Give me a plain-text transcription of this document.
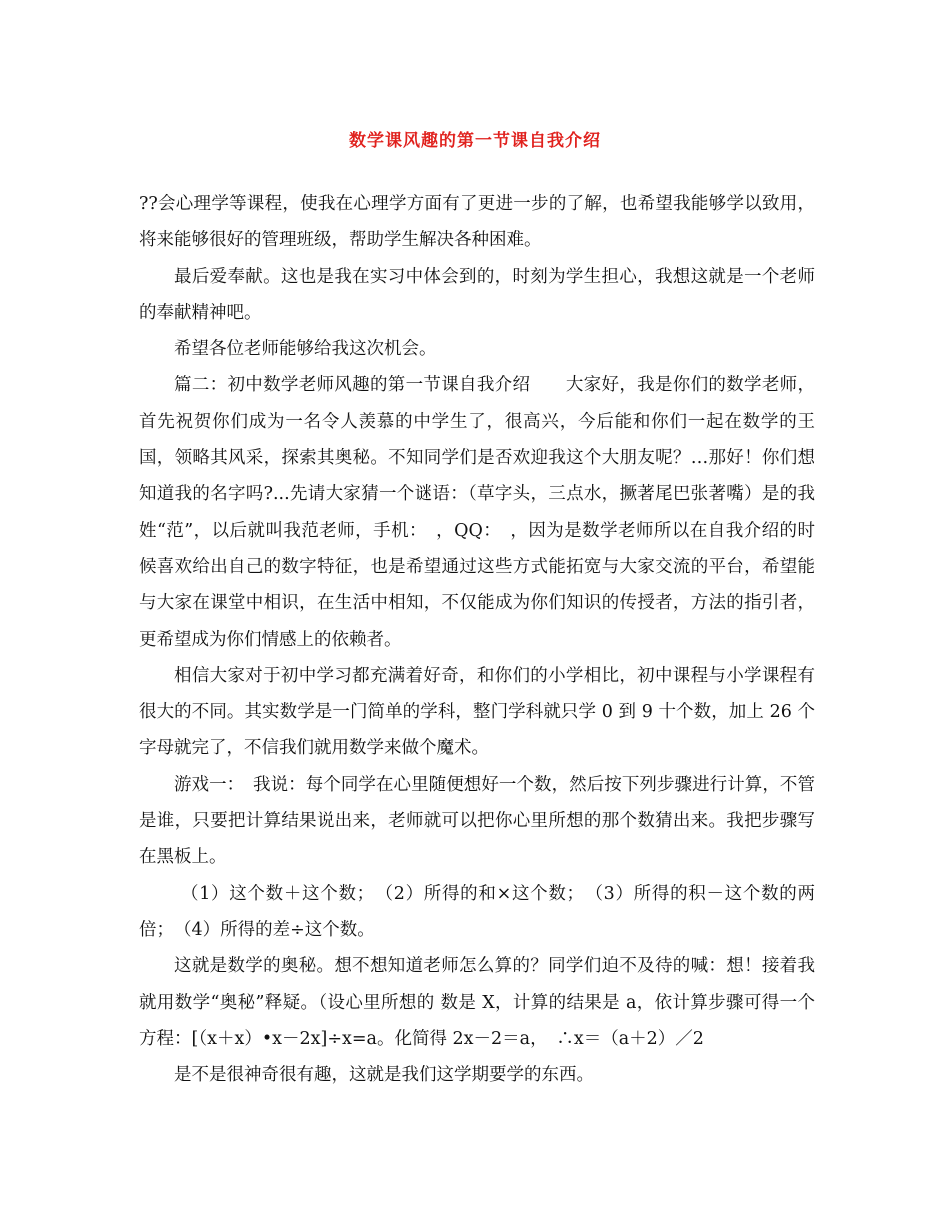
数学课风趣的第一节课自我介绍

??会心理学等课程，使我在心理学方面有了更进一步的了解，也希望我能够学以致用，将来能够很好的管理班级，帮助学生解决各种困难。

最后爱奉献。这也是我在实习中体会到的，时刻为学生担心，我想这就是一个老师的奉献精神吧。

希望各位老师能够给我这次机会。

篇二：初中数学老师风趣的第一节课自我介绍　　大家好，我是你们的数学老师，首先祝贺你们成为一名令人羡慕的中学生了，很高兴，今后能和你们一起在数学的王国，领略其风采，探索其奥秘。不知同学们是否欢迎我这个大朋友呢？…那好！你们想知道我的名字吗?...先请大家猜一个谜语：（草字头，三点水，撅著尾巴张著嘴）是的我姓“范”，以后就叫我范老师，手机：　，QQ：　，因为是数学老师所以在自我介绍的时候喜欢给出自己的数字特征，也是希望通过这些方式能拓宽与大家交流的平台，希望能与大家在课堂中相识，在生活中相知，不仅能成为你们知识的传授者，方法的指引者，更希望成为你们情感上的依赖者。

相信大家对于初中学习都充满着好奇，和你们的小学相比，初中课程与小学课程有很大的不同。其实数学是一门简单的学科，整门学科就只学 0 到 9 十个数，加上 26 个字母就完了，不信我们就用数学来做个魔术。

游戏一：　我说：每个同学在心里随便想好一个数，然后按下列步骤进行计算，不管是谁，只要把计算结果说出来，老师就可以把你心里所想的那个数猜出来。我把步骤写在黑板上。

（1）这个数＋这个数；　（2）所得的和×这个数；　（3）所得的积－这个数的两倍；　（4）所得的差÷这个数。

这就是数学的奥秘。想不想知道老师怎么算的？同学们迫不及待的喊：想！接着我就用数学“奥秘”释疑。（设心里所想的 数是 X，计算的结果是 a，依计算步骤可得一个方程：[（x＋x）•x－2x]÷x=a。化简得 2x－2＝a，　∴x＝（a＋2）／2

是不是很神奇很有趣，这就是我们这学期要学的东西。
